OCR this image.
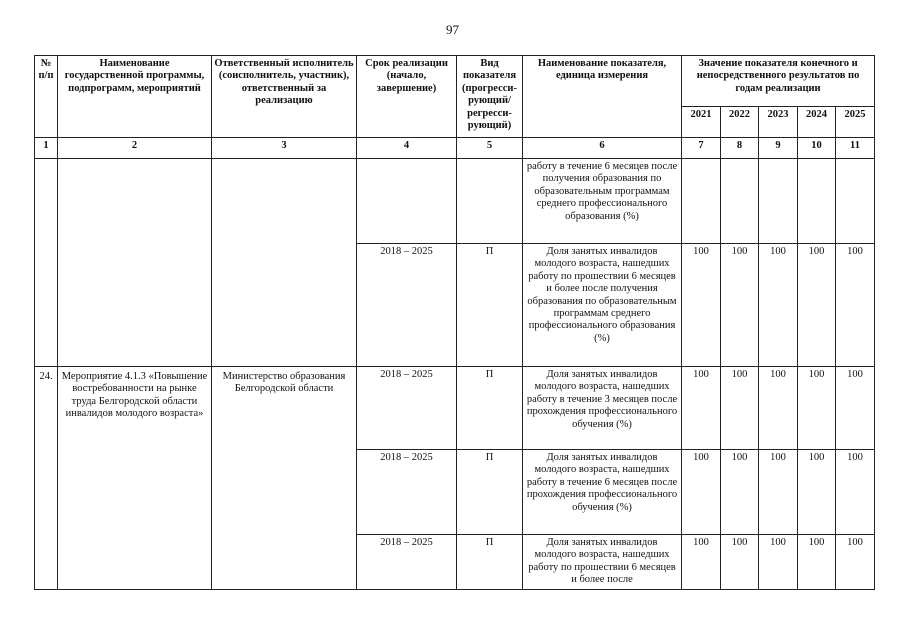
97
№ п/п	Наименование государственной программы, подпрограмм, мероприятий	Ответственный исполнитель (соисполнитель, участник), ответственный за реализацию	Срок реализации (начало, завершение)	Вид показателя (прогресси-рующий/ регресси-рующий)	Наименование показателя, единица измерения	Значение показателя конечного и непосредственного результатов по годам реализации				
						2021	2022	2023	2024	2025
1	2	3	4	5	6	7	8	9	10	11
					работу в течение 6 месяцев после получения образования по образовательным программам среднего профессионального образования (%)					
			2018 – 2025	П	Доля занятых инвалидов молодого возраста, нашедших работу по прошествии 6 месяцев и более после получения образования по образовательным программам среднего профессионального образования (%)	100	100	100	100	100
24.	Мероприятие 4.1.3 «Повышение востребованности на рынке труда Белгородской области инвалидов молодого возраста»	Министерство образования Белгородской области	2018 – 2025	П	Доля занятых инвалидов молодого возраста, нашедших работу в течение 3 месяцев после прохождения профессионального обучения (%)	100	100	100	100	100
			2018 – 2025	П	Доля занятых инвалидов молодого возраста, нашедших работу в течение 6 месяцев после прохождения профессионального обучения (%)	100	100	100	100	100
			2018 – 2025	П	Доля занятых инвалидов молодого возраста, нашедших работу по прошествии 6 месяцев и более после	100	100	100	100	100
